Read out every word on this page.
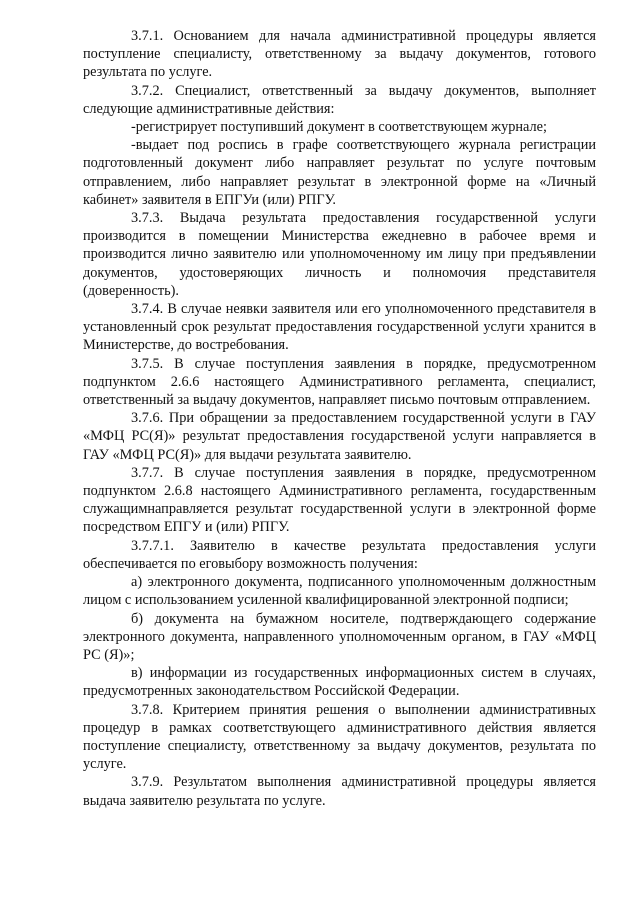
3.7.1. Основанием для начала административной процедуры является поступление специалисту, ответственному за выдачу документов, готового результата по услуге.

3.7.2. Специалист, ответственный за выдачу документов, выполняет следующие административные действия:

-регистрирует поступивший документ в соответствующем журнале;

-выдает под роспись в графе соответствующего журнала регистрации подготовленный документ либо направляет результат по услуге почтовым отправлением, либо направляет результат в электронной форме на «Личный кабинет» заявителя в ЕПГУи (или) РПГУ.

3.7.3. Выдача результата предоставления государственной услуги производится в помещении Министерства ежедневно в рабочее время и производится лично заявителю или уполномоченному им лицу при предъявлении документов, удостоверяющих личность и полномочия представителя (доверенность).

3.7.4. В случае неявки заявителя или его уполномоченного представителя в установленный срок результат предоставления государственной услуги хранится в Министерстве, до востребования.

3.7.5. В случае поступления заявления в порядке, предусмотренном подпунктом 2.6.6 настоящего Административного регламента, специалист, ответственный за выдачу документов, направляет письмо почтовым отправлением.

3.7.6. При обращении за предоставлением государственной услуги в ГАУ «МФЦ РС(Я)» результат предоставления государственой услуги направляется в ГАУ «МФЦ РС(Я)» для выдачи результата заявителю.

3.7.7. В случае поступления заявления в порядке, предусмотренном подпунктом 2.6.8 настоящего Административного регламента, государственным служащимнаправляется результат государственной услуги в электронной форме посредством ЕПГУ и (или) РПГУ.

3.7.7.1. Заявителю в качестве результата предоставления услуги обеспечивается по еговыбору возможность получения:

а) электронного документа, подписанного уполномоченным должностным лицом с использованием усиленной квалифицированной электронной подписи;

б) документа на бумажном носителе, подтверждающего содержание электронного документа, направленного уполномоченным органом, в ГАУ «МФЦ РС (Я)»;

в) информации из государственных информационных систем в случаях, предусмотренных законодательством Российской Федерации.

3.7.8. Критерием принятия решения о выполнении административных процедур в рамках соответствующего административного действия является поступление специалисту, ответственному за выдачу документов, результата по услуге.

3.7.9. Результатом выполнения административной процедуры является выдача заявителю результата по услуге.
